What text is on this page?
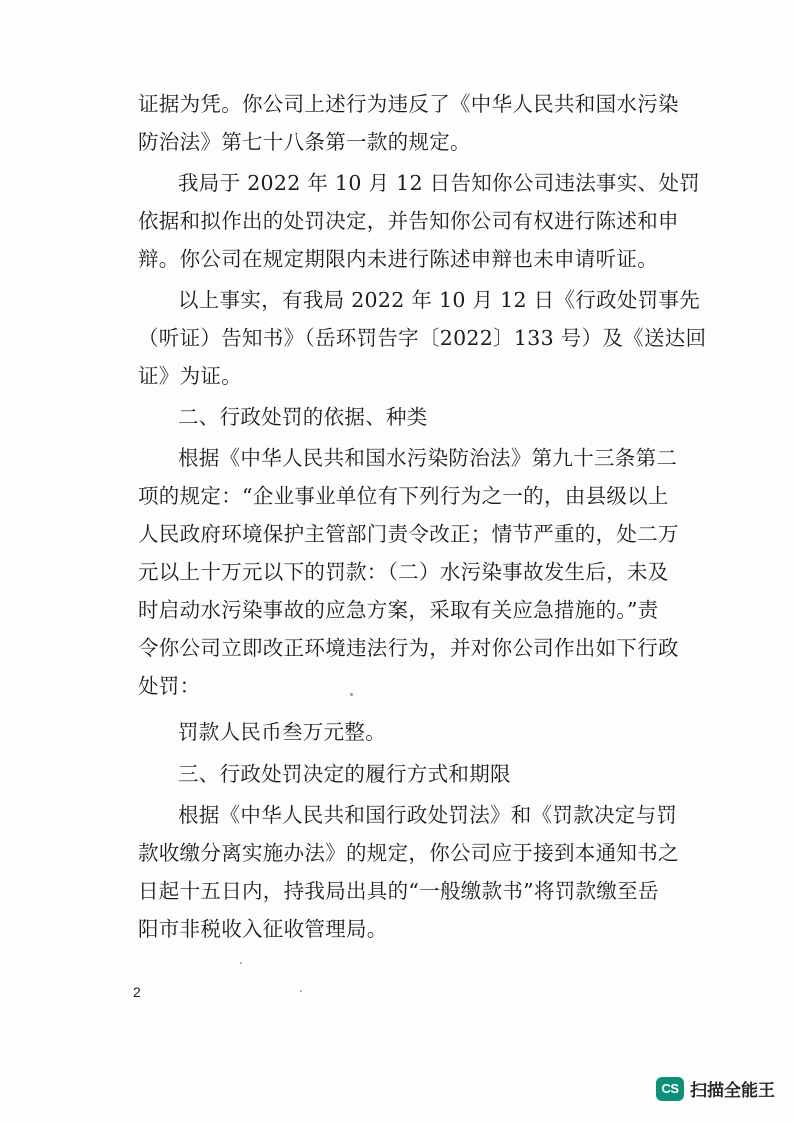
证据为凭。你公司上述行为违反了《中华人民共和国水污染
防治法》第七十八条第一款的规定。
我局于 2022 年 10 月 12 日告知你公司违法事实、处罚
依据和拟作出的处罚决定，并告知你公司有权进行陈述和申
辩。你公司在规定期限内未进行陈述申辩也未申请听证。
以上事实，有我局 2022 年 10 月 12 日《行政处罚事先
（听证）告知书》（岳环罚告字〔2022〕133 号）及《送达回
证》为证。
二、行政处罚的依据、种类
根据《中华人民共和国水污染防治法》第九十三条第二
项的规定：“企业事业单位有下列行为之一的，由县级以上
人民政府环境保护主管部门责令改正；情节严重的，处二万
元以上十万元以下的罚款：（二）水污染事故发生后，未及
时启动水污染事故的应急方案，采取有关应急措施的。”责
令你公司立即改正环境违法行为，并对你公司作出如下行政
处罚：
罚款人民币叁万元整。
三、行政处罚决定的履行方式和期限
根据《中华人民共和国行政处罚法》和《罚款决定与罚
款收缴分离实施办法》的规定，你公司应于接到本通知书之
日起十五日内，持我局出具的“一般缴款书”将罚款缴至岳
阳市非税收入征收管理局。
2
CS 扫描全能王
